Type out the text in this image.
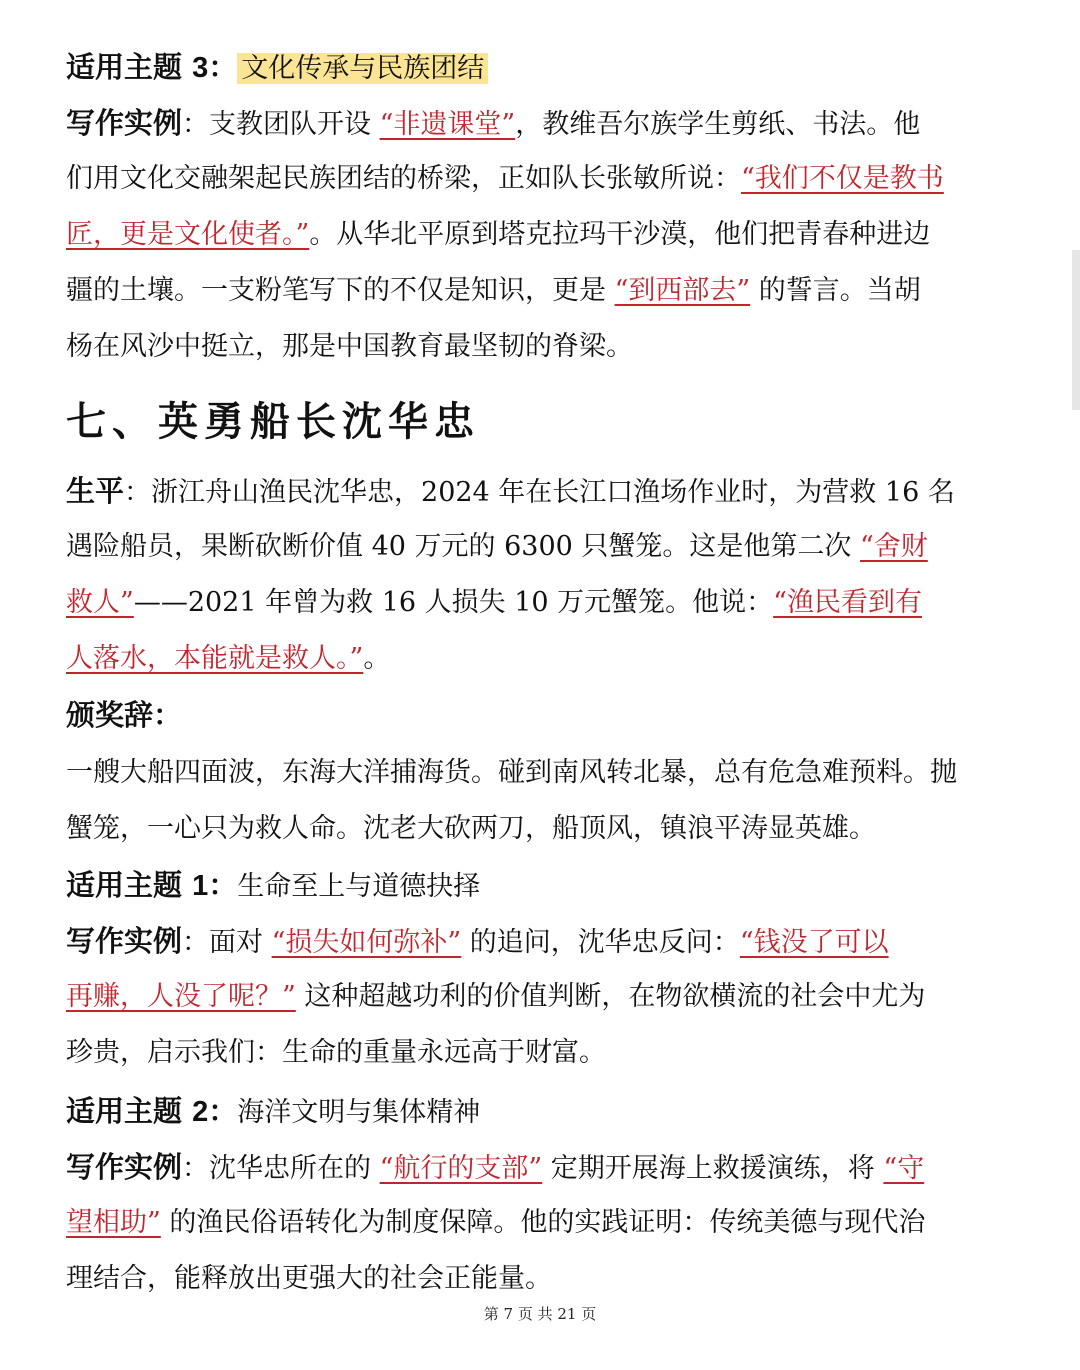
适用主题 3： 文化传承与民族团结
写作实例：支教团队开设 “非遗课堂”，教维吾尔族学生剪纸、书法。他
们用文化交融架起民族团结的桥梁，正如队长张敏所说：“我们不仅是教书
匠，更是文化使者。”。从华北平原到塔克拉玛干沙漠，他们把青春种进边
疆的土壤。一支粉笔写下的不仅是知识，更是 “到西部去” 的誓言。当胡
杨在风沙中挺立，那是中国教育最坚韧的脊梁。
七、英勇船长沈华忠
生平：浙江舟山渔民沈华忠，2024 年在长江口渔场作业时，为营救 16 名
遇险船员，果断砍断价值 40 万元的 6300 只蟹笼。这是他第二次 “舍财
救人”——2021 年曾为救 16 人损失 10 万元蟹笼。他说：“渔民看到有
人落水，本能就是救人。”。
颁奖辞：
一艘大船四面波，东海大洋捕海货。碰到南风转北暴，总有危急难预料。抛
蟹笼，一心只为救人命。沈老大砍两刀，船顶风，镇浪平涛显英雄。
适用主题 1：生命至上与道德抉择
写作实例：面对 “损失如何弥补” 的追问，沈华忠反问：“钱没了可以
再赚，人没了呢？” 这种超越功利的价值判断，在物欲横流的社会中尤为
珍贵，启示我们：生命的重量永远高于财富。
适用主题 2：海洋文明与集体精神
写作实例：沈华忠所在的 “航行的支部” 定期开展海上救援演练，将 “守
望相助” 的渔民俗语转化为制度保障。他的实践证明：传统美德与现代治
理结合，能释放出更强大的社会正能量。
第 7 页 共 21 页
